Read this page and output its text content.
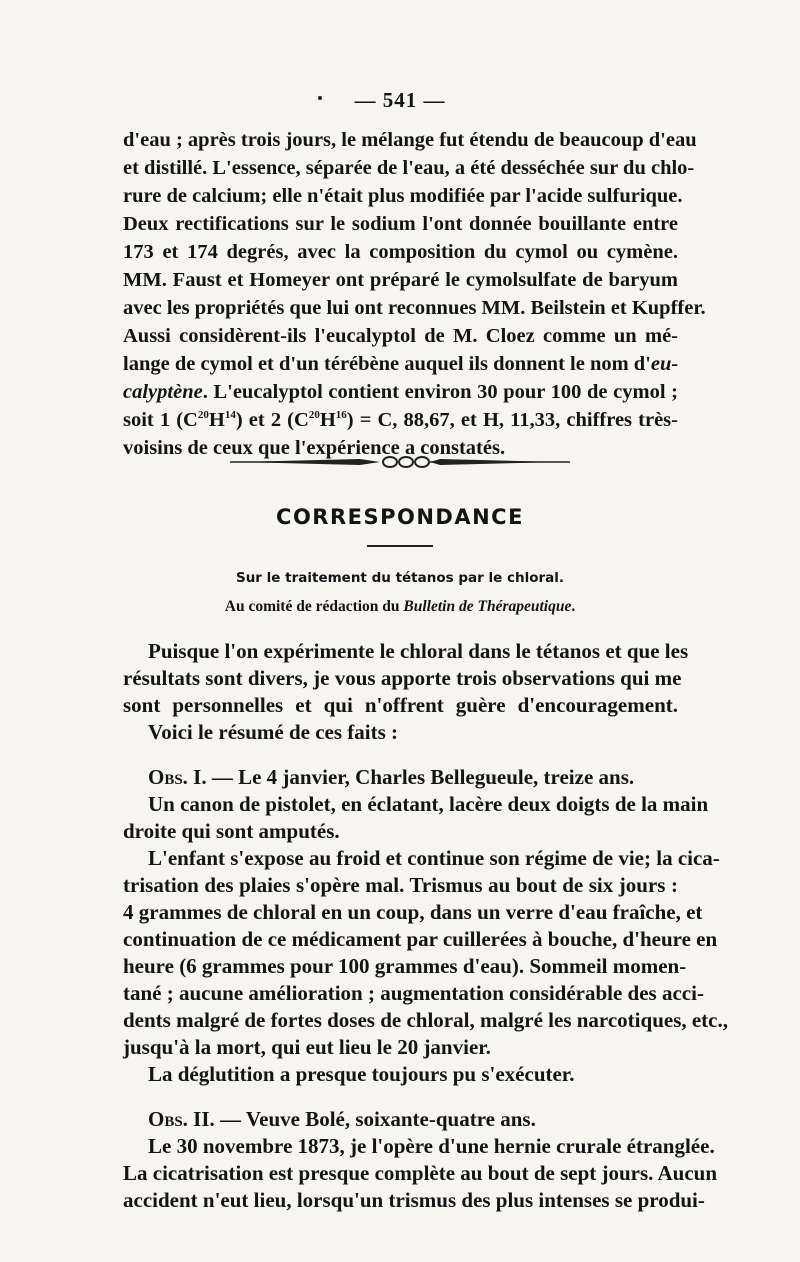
— 541 —
d'eau ; après trois jours, le mélange fut étendu de beaucoup d'eau
et distillé. L'essence, séparée de l'eau, a été desséchée sur du chlo-
rure de calcium; elle n'était plus modifiée par l'acide sulfurique.
Deux rectifications sur le sodium l'ont donnée bouillante entre
173 et 174 degrés, avec la composition du cymol ou cymène.
MM. Faust et Homeyer ont préparé le cymolsulfate de baryum
avec les propriétés que lui ont reconnues MM. Beilstein et Kupffer.
Aussi considèrent-ils l'eucalyptol de M. Cloez comme un mé-
lange de cymol et d'un térébène auquel ils donnent le nom d'eu-
calyptène. L'eucalyptol contient environ 30 pour 100 de cymol ;
soit 1 $(C^{20}H^{14})$ et 2 $(C^{20}H^{16}) = C$, 88,67, et H, 11,33, chiffres très-
voisins de ceux que l'expérience a constatés.
CORRESPONDANCE
Sur le traitement du tétanos par le chloral.
Au comité de rédaction du Bulletin de Thérapeutique.
Puisque l'on expérimente le chloral dans le tétanos et que les
résultats sont divers, je vous apporte trois observations qui me
sont personnelles et qui n'offrent guère d'encouragement.
Voici le résumé de ces faits :
Obs. I. — Le 4 janvier, Charles Bellegueule, treize ans.
Un canon de pistolet, en éclatant, lacère deux doigts de la main
droite qui sont amputés.
L'enfant s'expose au froid et continue son régime de vie; la cica-
trisation des plaies s'opère mal. Trismus au bout de six jours :
4 grammes de chloral en un coup, dans un verre d'eau fraîche, et
continuation de ce médicament par cuillerées à bouche, d'heure en
heure (6 grammes pour 100 grammes d'eau). Sommeil momen-
tané ; aucune amélioration ; augmentation considérable des acci-
dents malgré de fortes doses de chloral, malgré les narcotiques, etc.,
jusqu'à la mort, qui eut lieu le 20 janvier.
La déglutition a presque toujours pu s'exécuter.
Obs. II. — Veuve Bolé, soixante-quatre ans.
Le 30 novembre 1873, je l'opère d'une hernie crurale étranglée.
La cicatrisation est presque complète au bout de sept jours. Aucun
accident n'eut lieu, lorsqu'un trismus des plus intenses se produi-
